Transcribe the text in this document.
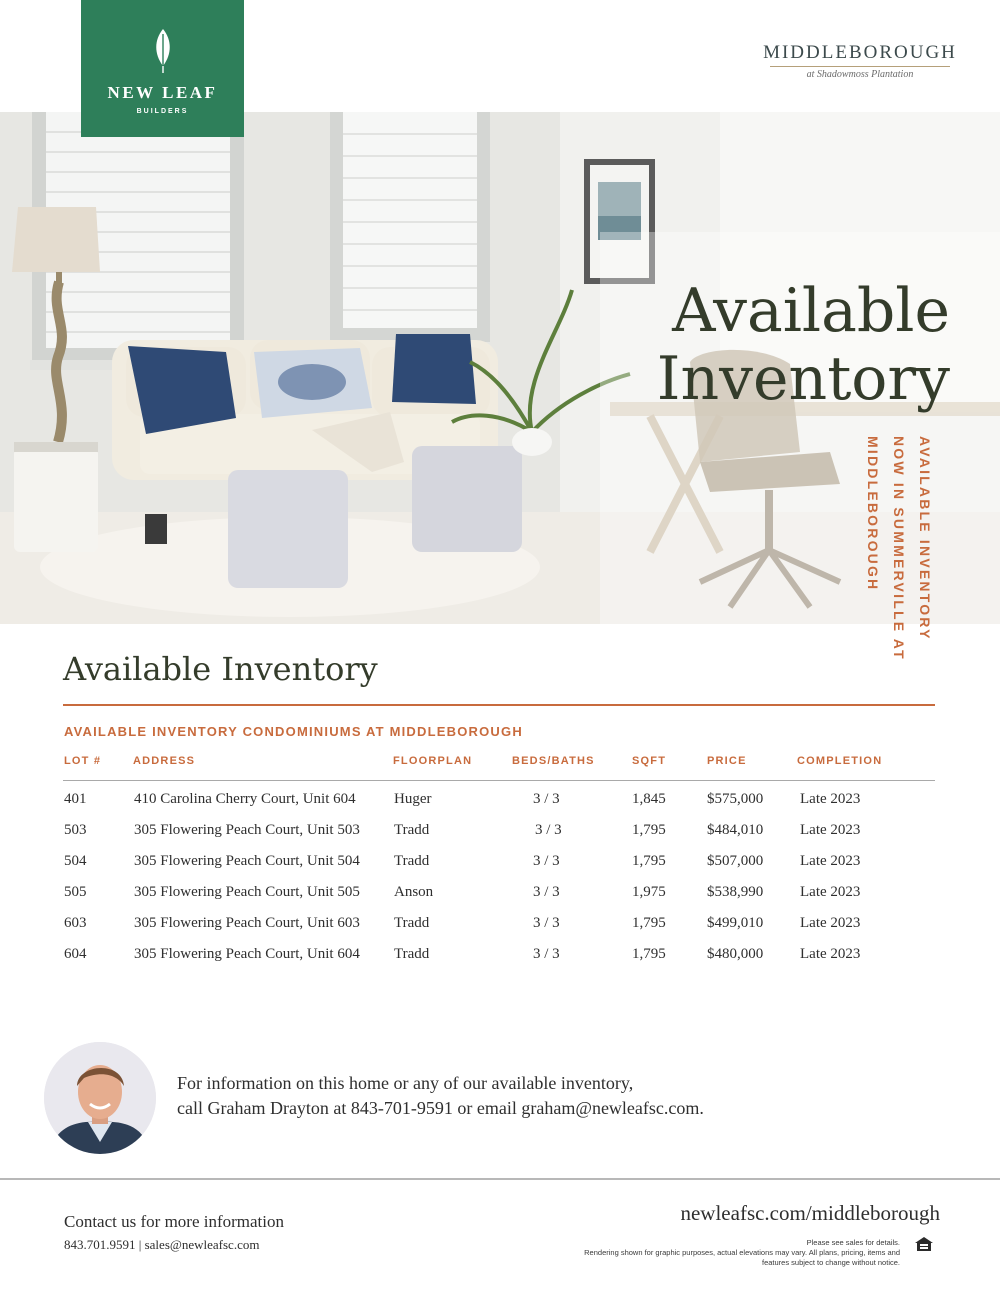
NEW LEAF
BUILDERS
MIDDLEBOROUGH
at Shadowmoss Plantation
Available
Inventory
AVAILABLE INVENTORY NOW IN SUMMERVILLE AT MIDDLEBOROUGH
Available Inventory
AVAILABLE INVENTORY CONDOMINIUMS AT MIDDLEBOROUGH
LOT #	ADDRESS	FLOORPLAN	BEDS/BATHS	SQFT	PRICE	COMPLETION
401	410 Carolina Cherry Court, Unit 604	Huger	3 / 3	1,845	$575,000 Late 2023
503	305 Flowering Peach Court, Unit 503 Tradd	3 / 3	1,795	$484,010 Late 2023
504	305 Flowering Peach Court, Unit 504 Tradd	3 / 3	1,795	$507,000 Late 2023
505	305 Flowering Peach Court, Unit 505 Anson	3 / 3	1,975	$538,990 Late 2023
603	305 Flowering Peach Court, Unit 603 Tradd	3 / 3	1,795	$499,010 Late 2023
604	305 Flowering Peach Court, Unit 604 Tradd	3 / 3	1,795	$480,000 Late 2023
For information on this home or any of our available inventory,
call Graham Drayton at 843-701-9591 or email graham@newleafsc.com.
Contact us for more information
843.701.9591 | sales@newleafsc.com
newleafsc.com/middleborough
Please see sales for details.
Rendering shown for graphic purposes, actual elevations may vary. All plans, pricing, items and
features subject to change without notice.
